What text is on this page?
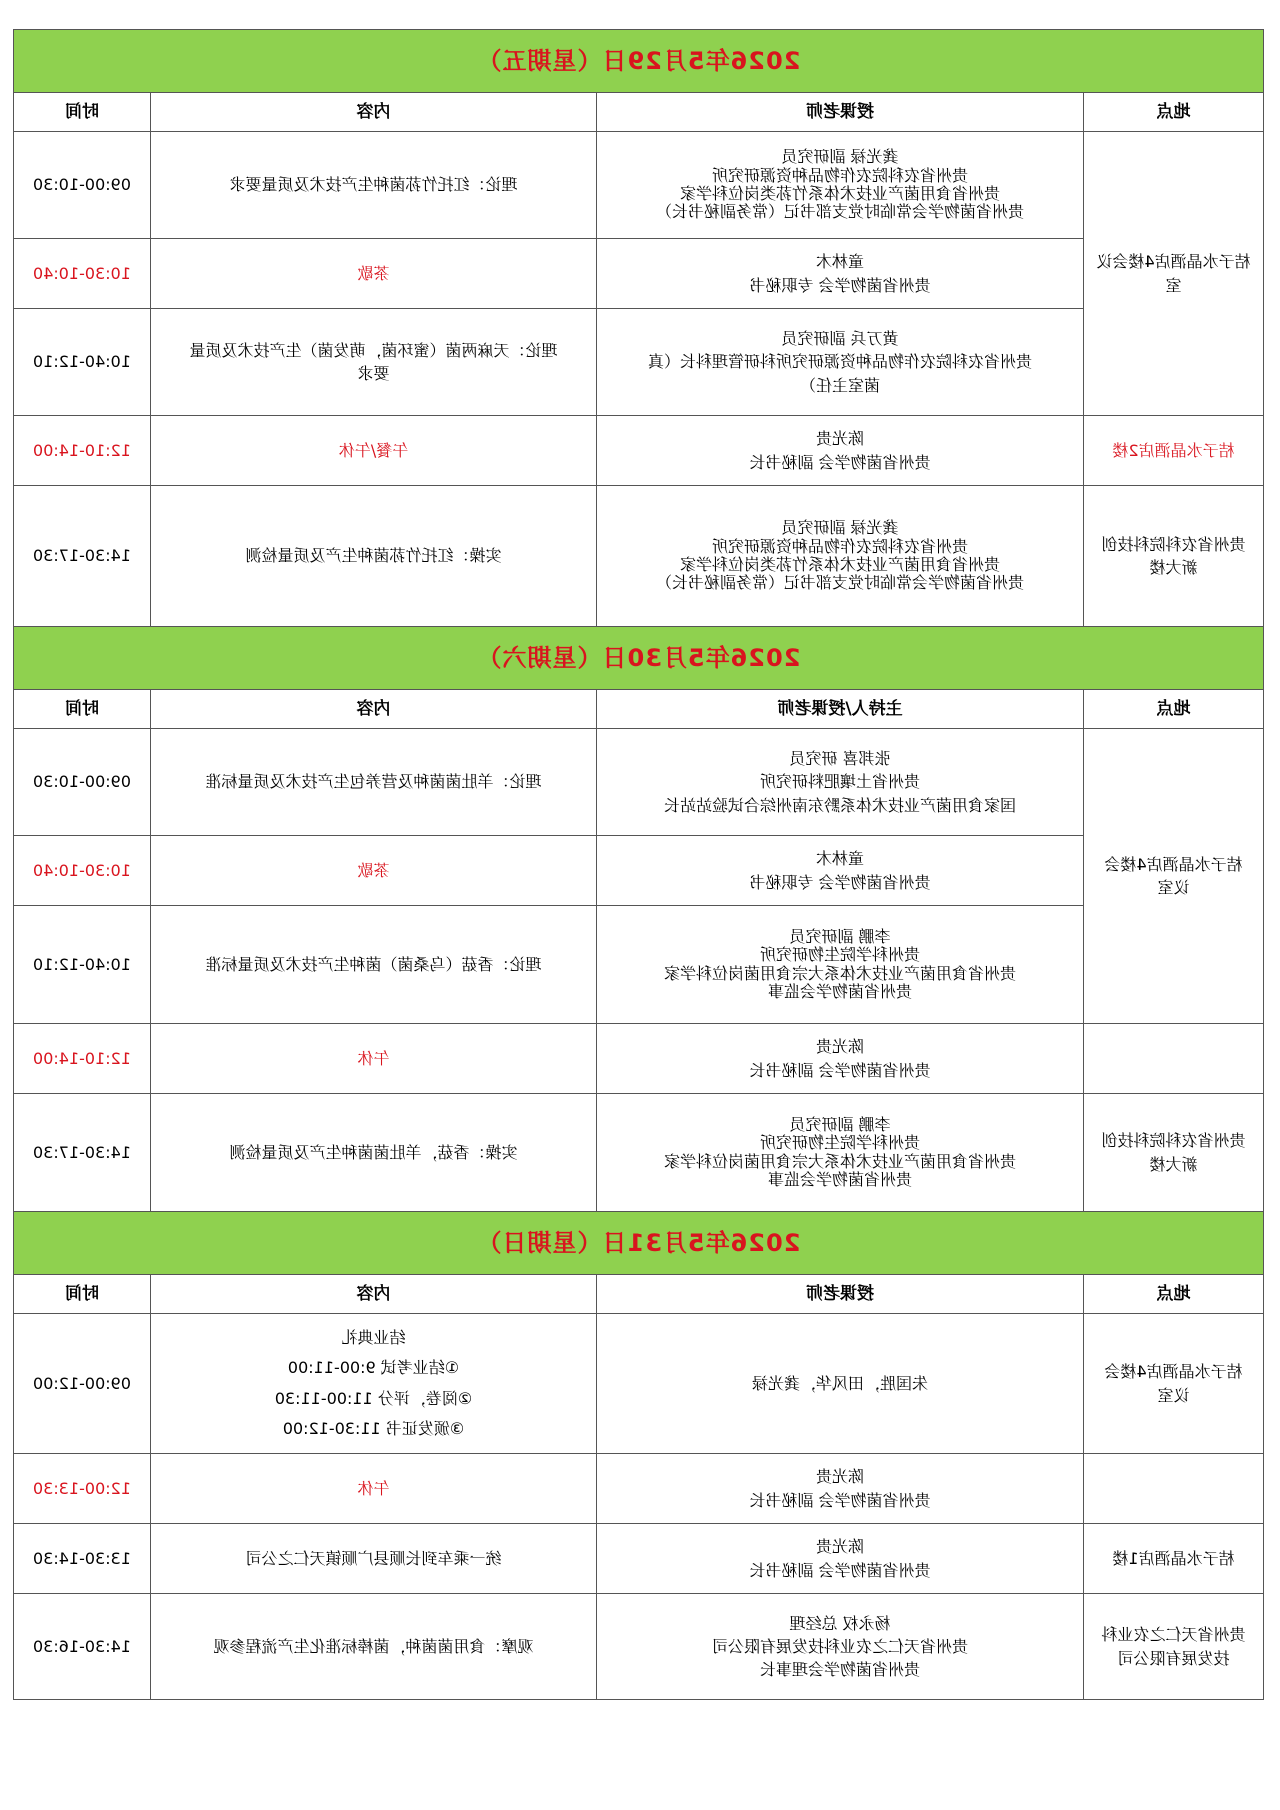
2026年5月29日（星期五）			
地点	授课老师	内容	时间

桔子水晶酒店4楼会议
室	龚光禄 副研究员
贵州省农科院农作物品种资源研究所
贵州省食用菌产业技术体系竹荪类岗位科学家
贵州省菌物学会常临时党支部书记（常务副秘书长）	理论：红托竹荪菌种生产技术及质量要求	09:00-10:30

	童林木
贵州省菌物学会 专职秘书	茶歇	10:30-10:40

	黄万兵 副研究员
贵州省农科院农作物品种资源研究所科研管理科长（真
菌室主任）	理论：天麻两菌（蜜环菌，萌发菌）生产技术及质量
要求	10:40-12:10

桔子水晶酒店2楼	陈光贵
贵州省菌物学会 副秘书长	午餐/午休	12:10-14:00

贵州省农科院科技创
新大楼	龚光禄 副研究员
贵州省农科院农作物品种资源研究所
贵州省食用菌产业技术体系竹荪类岗位科学家
贵州省菌物学会常临时党支部书记（常务副秘书长）	实操：红托竹荪菌种生产及质量检测	14:30-17:30
2026年5月30日（星期六）			
地点	主持人/授课老师	内容	时间

桔子水晶酒店4楼会
议室	张邦喜 研究员
贵州省土壤肥料研究所
国家食用菌产业技术体系黔东南州综合试验站站长	理论：羊肚菌菌种及营养包生产技术及质量标准	09:00-10:30

	童林木
贵州省菌物学会 专职秘书	茶歇	10:30-10:40

	李鹏 副研究员
贵州科学院生物研究所
贵州省食用菌产业技术体系大宗食用菌岗位科学家
贵州省菌物学会监事	理论：香菇（乌桑菌）菌种生产技术及质量标准	10:40-12:10

	陈光贵
贵州省菌物学会 副秘书长	午休	12:10-14:00

贵州省农科院科技创
新大楼	李鹏 副研究员
贵州科学院生物研究所
贵州省食用菌产业技术体系大宗食用菌岗位科学家
贵州省菌物学会监事	实操：香菇，羊肚菌菌种生产及质量检测	14:30-17:30
2026年5月31日（星期日）			
地点	授课老师	内容	时间

桔子水晶酒店4楼会
议室	朱国胜，田风华，龚光禄	结业典礼
①结业考试 9:00-11:00
②阅卷，评分 11:00-11:30
③颁发证书 11:30-12:00	09:00-12:00

	陈光贵
贵州省菌物学会 副秘书长	午休	12:00-13:30

桔子水晶酒店1楼	陈光贵
贵州省菌物学会 副秘书长	统一乘车到长顺县广顺镇天仁之公司	13:30-14:30

贵州省天仁之农业科
技发展有限公司	杨永权 总经理
贵州省天仁之农业科技发展有限公司
贵州省菌物学会理事长	观摩：食用菌菌种，菌棒标准化生产流程参观	14:30-16:30
